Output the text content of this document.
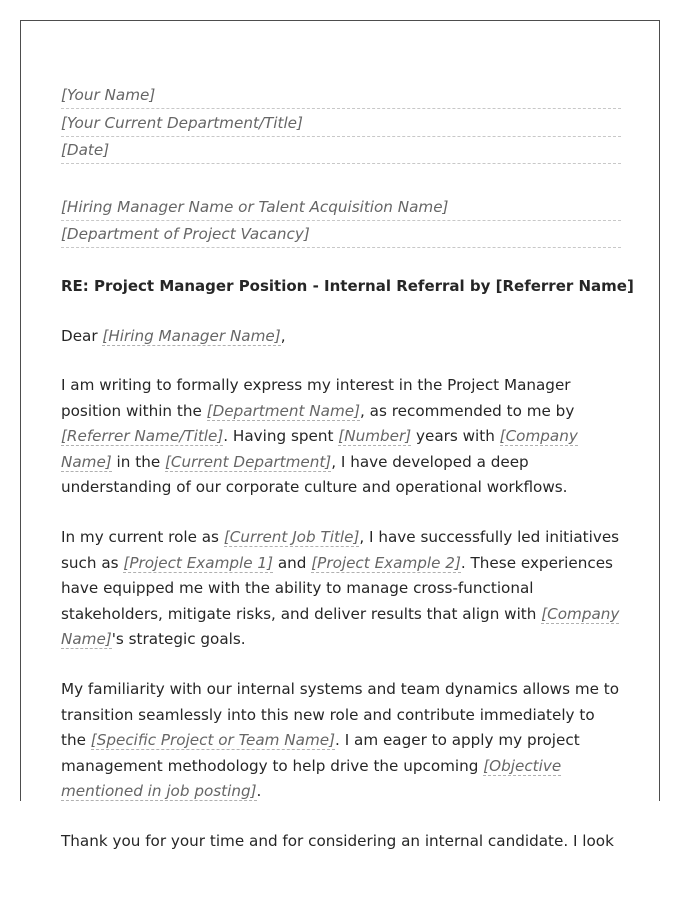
[Your Name]
[Your Current Department/Title]
[Date]
[Hiring Manager Name or Talent Acquisition Name]
[Department of Project Vacancy]

RE: Project Manager Position - Internal Referral by [Referrer Name]

Dear [Hiring Manager Name],

I am writing to formally express my interest in the Project Manager position within the [Department Name], as recommended to me by [Referrer Name/Title]. Having spent [Number] years with [Company Name] in the [Current Department], I have developed a deep understanding of our corporate culture and operational workflows.

In my current role as [Current Job Title], I have successfully led initiatives such as [Project Example 1] and [Project Example 2]. These experiences have equipped me with the ability to manage cross-functional stakeholders, mitigate risks, and deliver results that align with [Company Name]'s strategic goals.

My familiarity with our internal systems and team dynamics allows me to transition seamlessly into this new role and contribute immediately to the [Specific Project or Team Name]. I am eager to apply my project management methodology to help drive the upcoming [Objective mentioned in job posting].

Thank you for your time and for considering an internal candidate. I look
